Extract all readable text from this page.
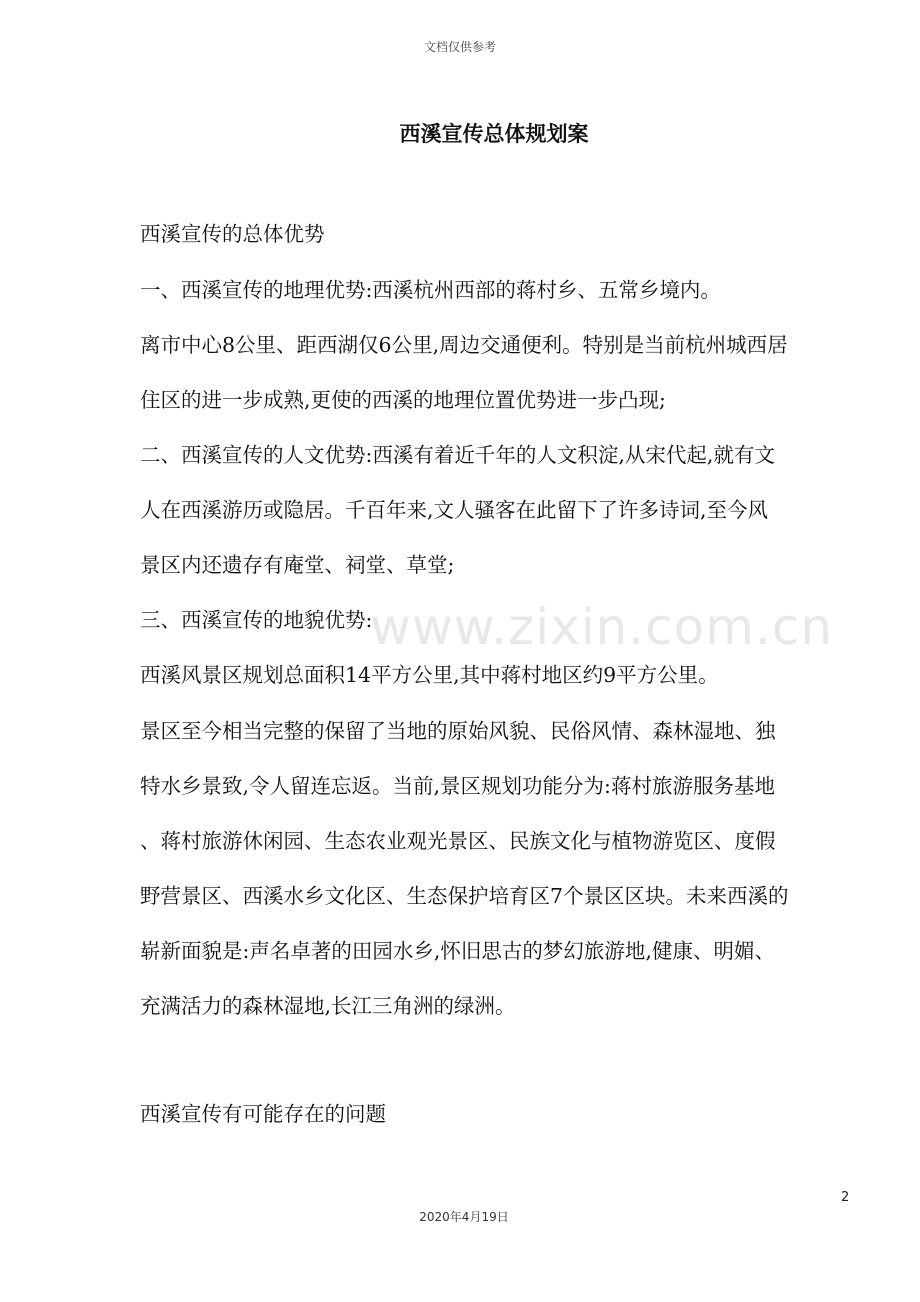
文档仅供参考
西溪宣传总体规划案

西溪宣传的总体优势

一、西溪宣传的地理优势:西溪杭州西部的蒋村乡、五常乡境内。

离市中心8公里、距西湖仅6公里,周边交通便利。特别是当前杭州城西居

住区的进一步成熟,更使的西溪的地理位置优势进一步凸现;

二、西溪宣传的人文优势:西溪有着近千年的人文积淀,从宋代起,就有文

人在西溪游历或隐居。千百年来,文人骚客在此留下了许多诗词,至今风

景区内还遗存有庵堂、祠堂、草堂;

三、西溪宣传的地貌优势:

西溪风景区规划总面积14平方公里,其中蒋村地区约9平方公里。

景区至今相当完整的保留了当地的原始风貌、民俗风情、森林湿地、独

特水乡景致,令人留连忘返。当前,景区规划功能分为:蒋村旅游服务基地

、蒋村旅游休闲园、生态农业观光景区、民族文化与植物游览区、度假

野营景区、西溪水乡文化区、生态保护培育区7个景区区块。未来西溪的

崭新面貌是:声名卓著的田园水乡,怀旧思古的梦幻旅游地,健康、明媚、

充满活力的森林湿地,长江三角洲的绿洲。

西溪宣传有可能存在的问题

www.zixin.com.cn
2
2020年4月19日
